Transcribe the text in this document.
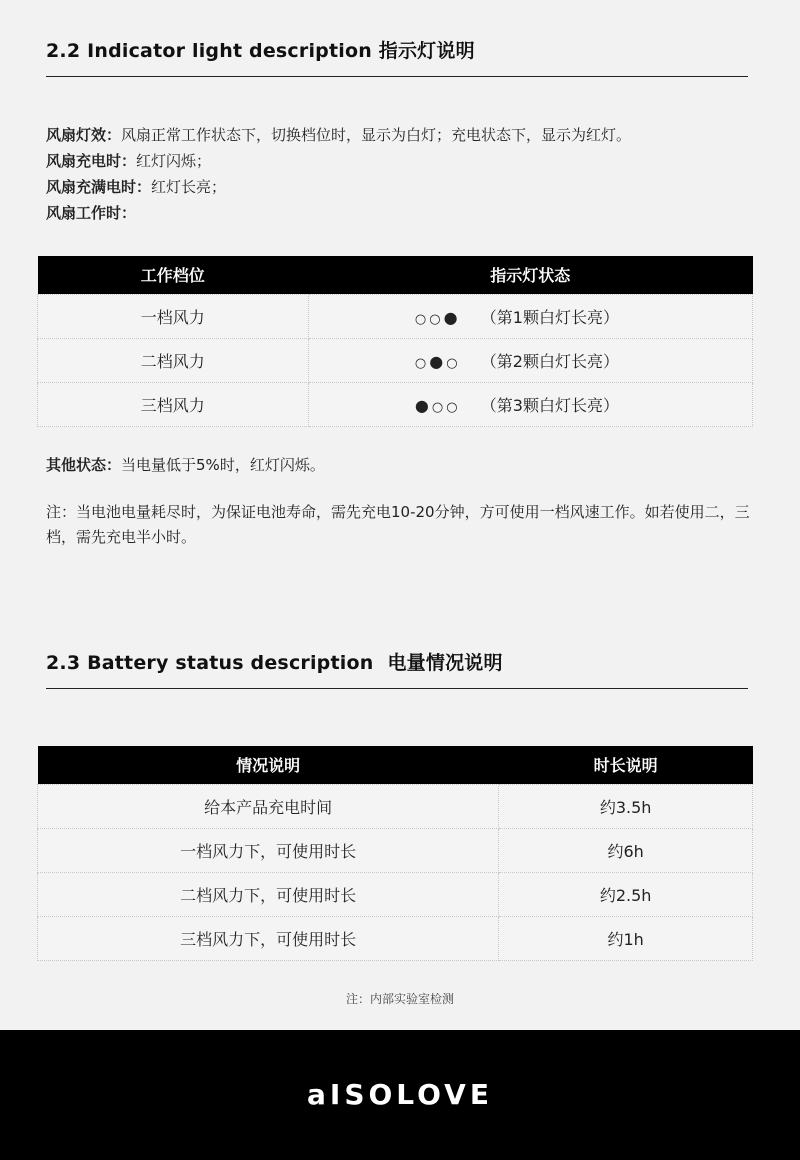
2.2 Indicator light description 指示灯说明
风扇灯效：风扇正常工作状态下，切换档位时，显示为白灯；充电状态下，显示为红灯。
风扇充电时：红灯闪烁；
风扇充满电时：红灯长亮；
风扇工作时：
工作档位	指示灯状态
一档风力	○○● （第1颗白灯长亮）
二档风力	○●○ （第2颗白灯长亮）
三档风力	●○○ （第3颗白灯长亮）
其他状态：当电量低于5%时，红灯闪烁。
注：当电池电量耗尽时，为保证电池寿命，需先充电10-20分钟，方可使用一档风速工作。如若使用二，三档，需先充电半小时。
2.3 Battery status description 电量情况说明
情况说明	时长说明
给本产品充电时间	约3.5h
一档风力下，可使用时长	约6h
二档风力下，可使用时长	约2.5h
三档风力下，可使用时长	约1h
注：内部实验室检测
aISOLOVE
